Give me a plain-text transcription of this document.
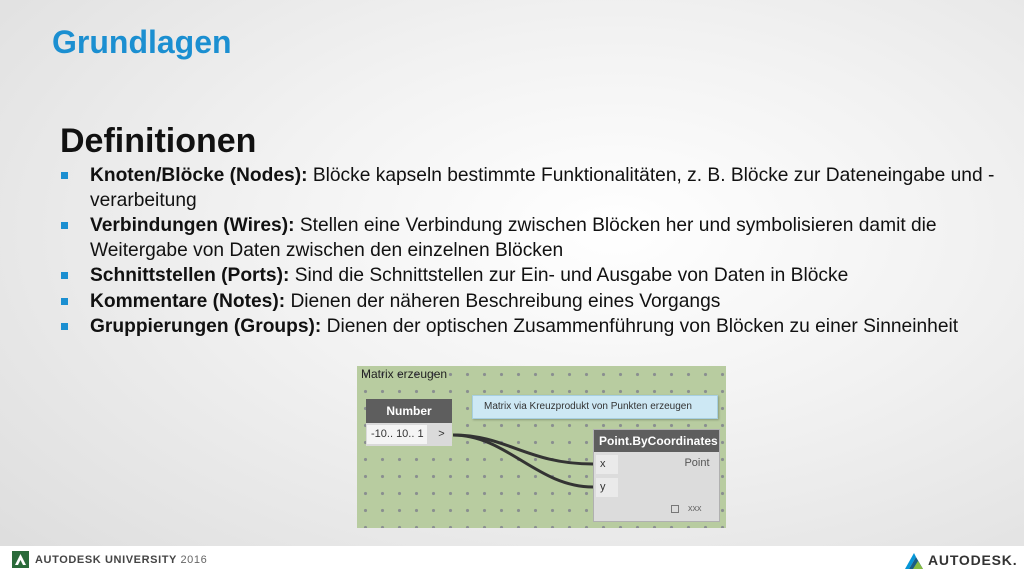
Grundlagen
Definitionen
Knoten/Blöcke (Nodes): Blöcke kapseln bestimmte Funktionalitäten, z. B. Blöcke zur Dateneingabe und -verarbeitung
Verbindungen (Wires): Stellen eine Verbindung zwischen Blöcken her und symbolisieren damit die Weitergabe von Daten zwischen den einzelnen Blöcken
Schnittstellen (Ports): Sind die Schnittstellen zur Ein- und Ausgabe von Daten in Blöcke
Kommentare (Notes): Dienen der näheren Beschreibung eines Vorgangs
Gruppierungen (Groups): Dienen der optischen Zusammenführung von Blöcken zu einer Sinneinheit
Matrix erzeugen
Number
-10.. 10.. 1	>
Matrix via Kreuzprodukt von Punkten erzeugen
Point.ByCoordinates
x
y
Point
xxx
AUTODESK UNIVERSITY 2016	AUTODESK.
